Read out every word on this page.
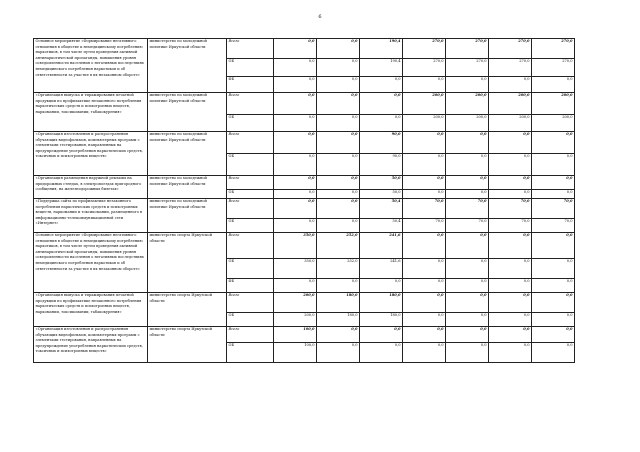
6
Основное мероприятие «Формирование негативного отношения в обществе к немедицинскому потреблению наркотиков, в том числе путем проведения активной антинаркотической пропаганды, повышения уровня осведомленности населения о негативных последствиях немедицинского потребления наркотиков и об ответственности за участие в их незаконном обороте»	министерство по молодежной политике Иркутской области	Всего	0,0	0,0	190,4	270,0	270,0	270,0	270,0
		ОБ	0,0	0,0	190,4	270,0	270,0	270,0	270,0
		ФБ	0,0	0,0	0,0	0,0	0,0	0,0	0,0
«Организация выпуска и тиражирования печатной продукции по профилактике незаконного потребления наркотических средств и психотропных веществ, наркомании, токсикомании, табакокурения»	министерство по молодежной политике Иркутской области	Всего	0,0	0,0	0,0	200,0	200,0	200,0	200,0
		ОБ	0,0	0,0	0,0	200,0	200,0	200,0	200,0
«Организация изготовления и распространения обучающих видеофильмов, компьютерных программ с элементами тестирования, направленных на предупреждение употребления наркотических средств, токсичных и психотропных веществ»	министерство по молодежной политике Иркутской области	Всего	0,0	0,0	90,0	0,0	0,0	0,0	0,0
		ОБ	0,0	0,0	90,0	0,0	0,0	0,0	0,0
«Организация размещения наружной рекламы на придорожных стендах, в электропоездах пригородного сообщения, на железнодорожных билетах»	министерство по молодежной политике Иркутской области	Всего	0,0	0,0	50,0	0,0	0,0	0,0	0,0
		ОБ	0,0	0,0	50,0	0,0	0,0	0,0	0,0
«Поддержка сайта по профилактике незаконного потребления наркотических средств и психотропных веществ, наркомании и токсикомании, размещенного в информационно-телекоммуникационной сети «Интернет»	министерство по молодежной политике Иркутской области	Всего	0,0	0,0	50,4	70,0	70,0	70,0	70,0
		ОБ	0,0	0,0	50,4	70,0	70,0	70,0	70,0
Основное мероприятие «Формирование негативного отношения в обществе к немедицинскому потреблению наркотиков, в том числе путем проведения активной антинаркотической пропаганды, повышения уровня осведомленности населения о негативных последствиях немедицинского потребления наркотиков и об ответственности за участие в их незаконном обороте»	министерство спорта Иркутской области	Всего	350,0	252,0	241,6	0,0	0,0	0,0	0,0
		ОБ	350,0	252,0	241,6	0,0	0,0	0,0	0,0
		ФБ	0,0	0,0	0,0	0,0	0,0	0,0	0,0
«Организация выпуска и тиражирования печатной продукции по профилактике незаконного потребления наркотических средств и психотропных веществ, наркомании, токсикомании, табакокурения»	министерство спорта Иркутской области	Всего	200,0	180,0	180,0	0,0	0,0	0,0	0,0
		ОБ	200,0	180,0	180,0	0,0	0,0	0,0	0,0
«Организация изготовления и распространения обучающих видеофильмов, компьютерных программ с элементами тестирования, направленных на предупреждение употребления наркотических средств, токсичных и психотропных веществ»	министерство спорта Иркутской области	Всего	100,0	0,0	0,0	0,0	0,0	0,0	0,0
		ОБ	100,0	0,0	0,0	0,0	0,0	0,0	0,0
